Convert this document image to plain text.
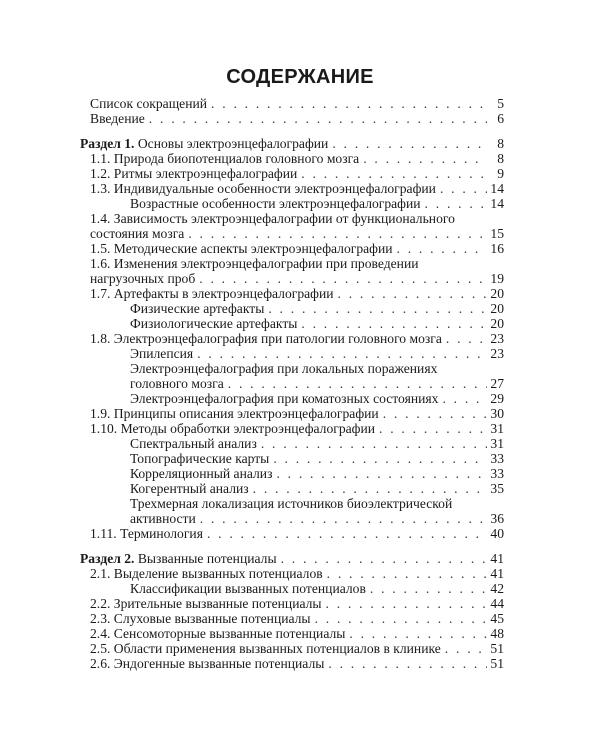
СОДЕРЖАНИЕ
Список сокращений . . .	5
Введение . . .	6
Раздел 1. Основы электроэнцефалографии . . .	8
1.1. Природа биопотенциалов головного мозга . . .	8
1.2. Ритмы электроэнцефалографии . . .	9
1.3. Индивидуальные особенности электроэнцефалографии . . .	14
Возрастные особенности электроэнцефалографии . . .	14
1.4. Зависимость электроэнцефалографии от функционального
состояния мозга . . .	15
1.5. Методические аспекты электроэнцефалографии . . .	16
1.6. Изменения электроэнцефалографии при проведении
нагрузочных проб . . .	19
1.7. Артефакты в электроэнцефалографии . . .	20
Физические артефакты . . .	20
Физиологические артефакты . . .	20
1.8. Электроэнцефалография при патологии головного мозга . . .	23
Эпилепсия . . .	23
Электроэнцефалография при локальных поражениях
головного мозга . . .	27
Электроэнцефалография при коматозных состояниях . . .	29
1.9. Принципы описания электроэнцефалографии . . .	30
1.10. Методы обработки электроэнцефалографии . . .	31
Спектральный анализ . . .	31
Топографические карты . . .	33
Корреляционный анализ . . .	33
Когерентный анализ . . .	35
Трехмерная локализация источников биоэлектрической
активности . . .	36
1.11. Терминология . . .	40
Раздел 2. Вызванные потенциалы . . .	41
2.1. Выделение вызванных потенциалов . . .	41
Классификации вызванных потенциалов . . .	42
2.2. Зрительные вызванные потенциалы . . .	44
2.3. Слуховые вызванные потенциалы . . .	45
2.4. Сенсомоторные вызванные потенциалы . . .	48
2.5. Области применения вызванных потенциалов в клинике . . .	51
2.6. Эндогенные вызванные потенциалы . . .	51
